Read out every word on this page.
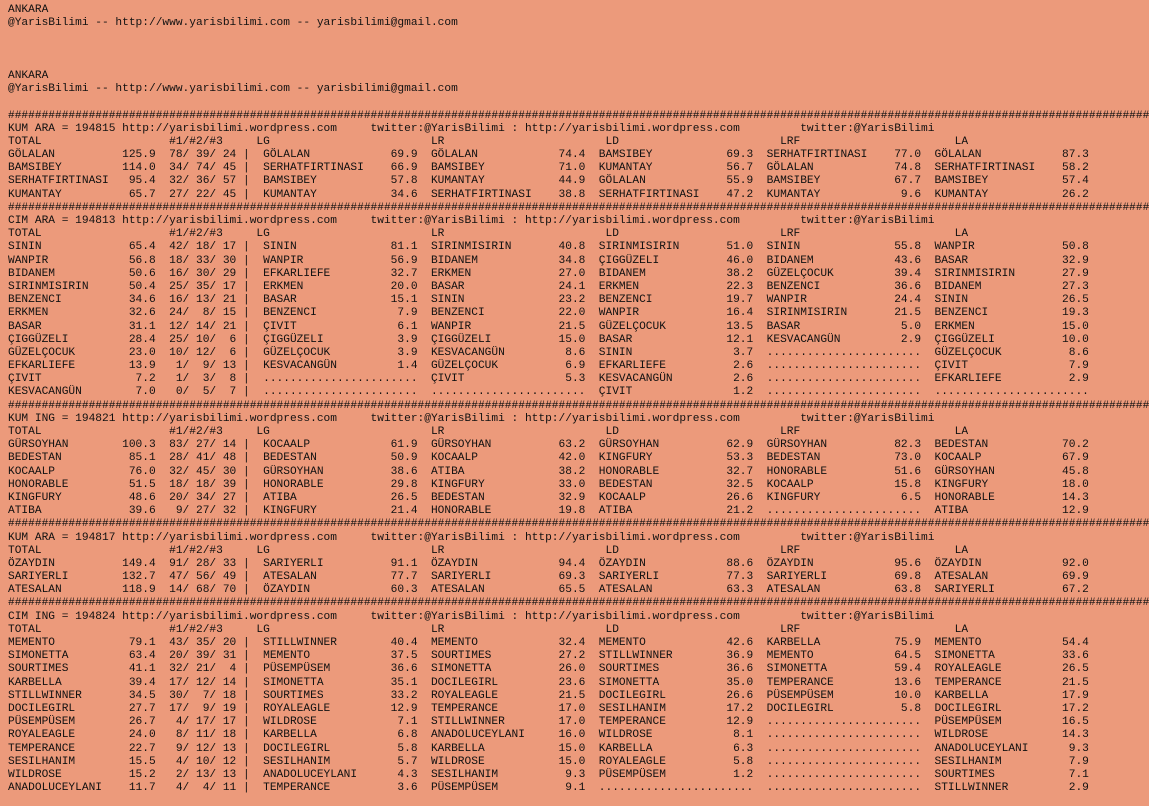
ANKARA
@YarisBilimi -- http://www.yarisbilimi.com -- yarisbilimi@gmail.com

ANKARA
@YarisBilimi -- http://www.yarisbilimi.com -- yarisbilimi@gmail.com

##########################################################################################################################################################################
KUM ARA = 194815 http://yarisbilimi.wordpress.com     twitter:@YarisBilimi : http://yarisbilimi.wordpress.com         twitter:@YarisBilimi
TOTAL                   #1/#2/#3     LG                        LR                        LD                        LRF                       LA
GÖLALAN          125.9  78/ 39/ 24 |  GÖLALAN            69.9  GÖLALAN            74.4  BAMSIBEY           69.3  SERHATFIRTINASI    77.0  GÖLALAN            87.3
BAMSIBEY         114.0  34/ 74/ 45 |  SERHATFIRTINASI    66.9  BAMSIBEY           71.0  KUMANTAY           56.7  GÖLALAN            74.8  SERHATFIRTINASI    58.2
SERHATFIRTINASI   95.4  32/ 36/ 57 |  BAMSIBEY           57.8  KUMANTAY           44.9  GÖLALAN            55.9  BAMSIBEY           67.7  BAMSIBEY           57.4
KUMANTAY          65.7  27/ 22/ 45 |  KUMANTAY           34.6  SERHATFIRTINASI    38.8  SERHATFIRTINASI    47.2  KUMANTAY            9.6  KUMANTAY           26.2
##########################################################################################################################################################################
CIM ARA = 194813 http://yarisbilimi.wordpress.com     twitter:@YarisBilimi : http://yarisbilimi.wordpress.com         twitter:@YarisBilimi
TOTAL                   #1/#2/#3     LG                        LR                        LD                        LRF                       LA
SININ             65.4  42/ 18/ 17 |  SININ              81.1  SIRINMISIRIN       40.8  SIRINMISIRIN       51.0  SININ              55.8  WANPIR             50.8
WANPIR            56.8  18/ 33/ 30 |  WANPIR             56.9  BIDANEM            34.8  ÇIGGÜZELI          46.0  BIDANEM            43.6  BASAR              32.9
BIDANEM           50.6  16/ 30/ 29 |  EFKARLIEFE         32.7  ERKMEN             27.0  BIDANEM            38.2  GÜZELÇOCUK         39.4  SIRINMISIRIN       27.9
SIRINMISIRIN      50.4  25/ 35/ 17 |  ERKMEN             20.0  BASAR              24.1  ERKMEN             22.3  BENZENCI           36.6  BIDANEM            27.3
BENZENCI          34.6  16/ 13/ 21 |  BASAR              15.1  SININ              23.2  BENZENCI           19.7  WANPIR             24.4  SININ              26.5
ERKMEN            32.6  24/  8/ 15 |  BENZENCI            7.9  BENZENCI           22.0  WANPIR             16.4  SIRINMISIRIN       21.5  BENZENCI           19.3
BASAR             31.1  12/ 14/ 21 |  ÇIVIT               6.1  WANPIR             21.5  GÜZELÇOCUK         13.5  BASAR               5.0  ERKMEN             15.0
ÇIGGÜZELI         28.4  25/ 10/  6 |  ÇIGGÜZELI           3.9  ÇIGGÜZELI          15.0  BASAR              12.1  KESVACANGÜN         2.9  ÇIGGÜZELI          10.0
GÜZELÇOCUK        23.0  10/ 12/  6 |  GÜZELÇOCUK          3.9  KESVACANGÜN         8.6  SININ               3.7  .......................  GÜZELÇOCUK          8.6
EFKARLIEFE        13.9   1/  9/ 13 |  KESVACANGÜN         1.4  GÜZELÇOCUK          6.9  EFKARLIEFE          2.6  .......................  ÇIVIT               7.9
ÇIVIT              7.2   1/  3/  8 |  .......................  ÇIVIT               5.3  KESVACANGÜN         2.6  .......................  EFKARLIEFE          2.9
KESVACANGÜN        7.0   0/  5/  7 |  .......................  .......................  ÇIVIT               1.2  .......................  .......................
##########################################################################################################################################################################
KUM ING = 194821 http://yarisbilimi.wordpress.com     twitter:@YarisBilimi : http://yarisbilimi.wordpress.com         twitter:@YarisBilimi
TOTAL                   #1/#2/#3     LG                        LR                        LD                        LRF                       LA
GÜRSOYHAN        100.3  83/ 27/ 14 |  KOCAALP            61.9  GÜRSOYHAN          63.2  GÜRSOYHAN          62.9  GÜRSOYHAN          82.3  BEDESTAN           70.2
BEDESTAN          85.1  28/ 41/ 48 |  BEDESTAN           50.9  KOCAALP            42.0  KINGFURY           53.3  BEDESTAN           73.0  KOCAALP            67.9
KOCAALP           76.0  32/ 45/ 30 |  GÜRSOYHAN          38.6  ATIBA              38.2  HONORABLE          32.7  HONORABLE          51.6  GÜRSOYHAN          45.8
HONORABLE         51.5  18/ 18/ 39 |  HONORABLE          29.8  KINGFURY           33.0  BEDESTAN           32.5  KOCAALP            15.8  KINGFURY           18.0
KINGFURY          48.6  20/ 34/ 27 |  ATIBA              26.5  BEDESTAN           32.9  KOCAALP            26.6  KINGFURY            6.5  HONORABLE          14.3
ATIBA             39.6   9/ 27/ 32 |  KINGFURY           21.4  HONORABLE          19.8  ATIBA              21.2  .......................  ATIBA              12.9
##########################################################################################################################################################################
KUM ARA = 194817 http://yarisbilimi.wordpress.com     twitter:@YarisBilimi : http://yarisbilimi.wordpress.com         twitter:@YarisBilimi
TOTAL                   #1/#2/#3     LG                        LR                        LD                        LRF                       LA
ÖZAYDIN          149.4  91/ 28/ 33 |  SARIYERLI          91.1  ÖZAYDIN            94.4  ÖZAYDIN            88.6  ÖZAYDIN            95.6  ÖZAYDIN            92.0
SARIYERLI        132.7  47/ 56/ 49 |  ATESALAN           77.7  SARIYERLI          69.3  SARIYERLI          77.3  SARIYERLI          69.8  ATESALAN           69.9
ATESALAN         118.9  14/ 68/ 70 |  ÖZAYDIN            60.3  ATESALAN           65.5  ATESALAN           63.3  ATESALAN           63.8  SARIYERLI          67.2
##########################################################################################################################################################################
CIM ING = 194824 http://yarisbilimi.wordpress.com     twitter:@YarisBilimi : http://yarisbilimi.wordpress.com         twitter:@YarisBilimi
TOTAL                   #1/#2/#3     LG                        LR                        LD                        LRF                       LA
MEMENTO           79.1  43/ 35/ 20 |  STILLWINNER        40.4  MEMENTO            32.4  MEMENTO            42.6  KARBELLA           75.9  MEMENTO            54.4
SIMONETTA         63.4  20/ 39/ 31 |  MEMENTO            37.5  SOURTIMES          27.2  STILLWINNER        36.9  MEMENTO            64.5  SIMONETTA          33.6
SOURTIMES         41.1  32/ 21/  4 |  PÜSEMPÜSEM         36.6  SIMONETTA          26.0  SOURTIMES          36.6  SIMONETTA          59.4  ROYALEAGLE         26.5
KARBELLA          39.4  17/ 12/ 14 |  SIMONETTA          35.1  DOCILEGIRL         23.6  SIMONETTA          35.0  TEMPERANCE         13.6  TEMPERANCE         21.5
STILLWINNER       34.5  30/  7/ 18 |  SOURTIMES          33.2  ROYALEAGLE         21.5  DOCILEGIRL         26.6  PÜSEMPÜSEM         10.0  KARBELLA           17.9
DOCILEGIRL        27.7  17/  9/ 19 |  ROYALEAGLE         12.9  TEMPERANCE         17.0  SESILHANIM         17.2  DOCILEGIRL          5.8  DOCILEGIRL         17.2
PÜSEMPÜSEM        26.7   4/ 17/ 17 |  WILDROSE            7.1  STILLWINNER        17.0  TEMPERANCE         12.9  .......................  PÜSEMPÜSEM         16.5
ROYALEAGLE        24.0   8/ 11/ 18 |  KARBELLA            6.8  ANADOLUCEYLANI     16.0  WILDROSE            8.1  .......................  WILDROSE           14.3
TEMPERANCE        22.7   9/ 12/ 13 |  DOCILEGIRL          5.8  KARBELLA           15.0  KARBELLA            6.3  .......................  ANADOLUCEYLANI      9.3
SESILHANIM        15.5   4/ 10/ 12 |  SESILHANIM          5.7  WILDROSE           15.0  ROYALEAGLE          5.8  .......................  SESILHANIM          7.9
WILDROSE          15.2   2/ 13/ 13 |  ANADOLUCEYLANI      4.3  SESILHANIM          9.3  PÜSEMPÜSEM          1.2  .......................  SOURTIMES           7.1
ANADOLUCEYLANI    11.7   4/  4/ 11 |  TEMPERANCE          3.6  PÜSEMPÜSEM          9.1  .......................  .......................  STILLWINNER         2.9
